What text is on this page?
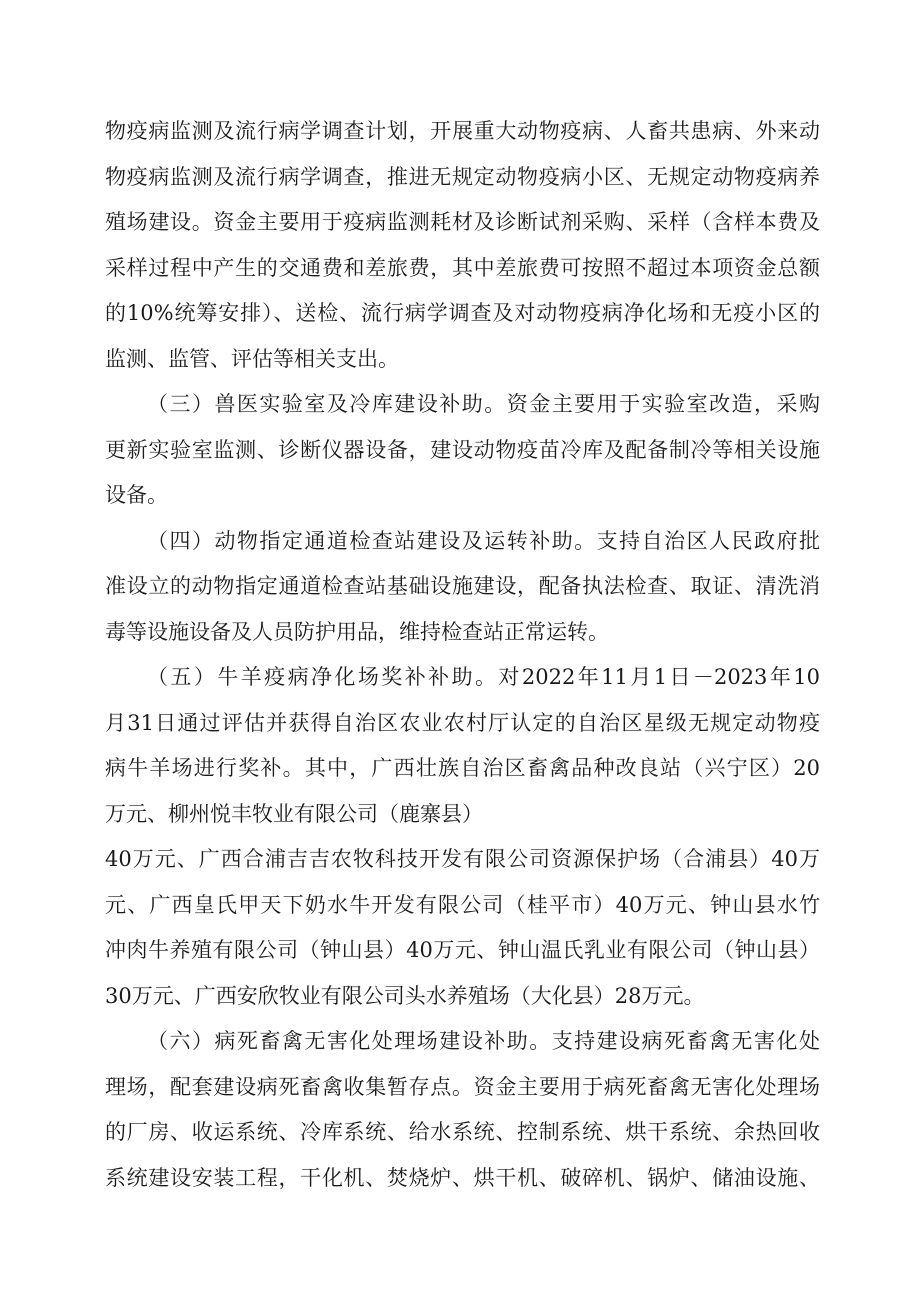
物疫病监测及流行病学调查计划，开展重大动物疫病、人畜共患病、外来动

物疫病监测及流行病学调查，推进无规定动物疫病小区、无规定动物疫病养

殖场建设。资金主要用于疫病监测耗材及诊断试剂采购、采样（含样本费及

采样过程中产生的交通费和差旅费，其中差旅费可按照不超过本项资金总额

的10%统筹安排）、送检、流行病学调查及对动物疫病净化场和无疫小区的

监测、监管、评估等相关支出。

（三）兽医实验室及冷库建设补助。资金主要用于实验室改造，采购

更新实验室监测、诊断仪器设备，建设动物疫苗冷库及配备制冷等相关设施

设备。

（四）动物指定通道检查站建设及运转补助。支持自治区人民政府批

准设立的动物指定通道检查站基础设施建设，配备执法检查、取证、清洗消

毒等设施设备及人员防护用品，维持检查站正常运转。

（五）牛羊疫病净化场奖补补助。对2022年11月1日－2023年10

月31日通过评估并获得自治区农业农村厅认定的自治区星级无规定动物疫

病牛羊场进行奖补。其中，广西壮族自治区畜禽品种改良站（兴宁区）20

万元、柳州悦丰牧业有限公司（鹿寨县）

40万元、广西合浦吉吉农牧科技开发有限公司资源保护场（合浦县）40万

元、广西皇氏甲天下奶水牛开发有限公司（桂平市）40万元、钟山县水竹

冲肉牛养殖有限公司（钟山县）40万元、钟山温氏乳业有限公司（钟山县）

30万元、广西安欣牧业有限公司头水养殖场（大化县）28万元。

（六）病死畜禽无害化处理场建设补助。支持建设病死畜禽无害化处

理场，配套建设病死畜禽收集暂存点。资金主要用于病死畜禽无害化处理场

的厂房、收运系统、冷库系统、给水系统、控制系统、烘干系统、余热回收

系统建设安装工程，干化机、焚烧炉、烘干机、破碎机、锅炉、储油设施、
